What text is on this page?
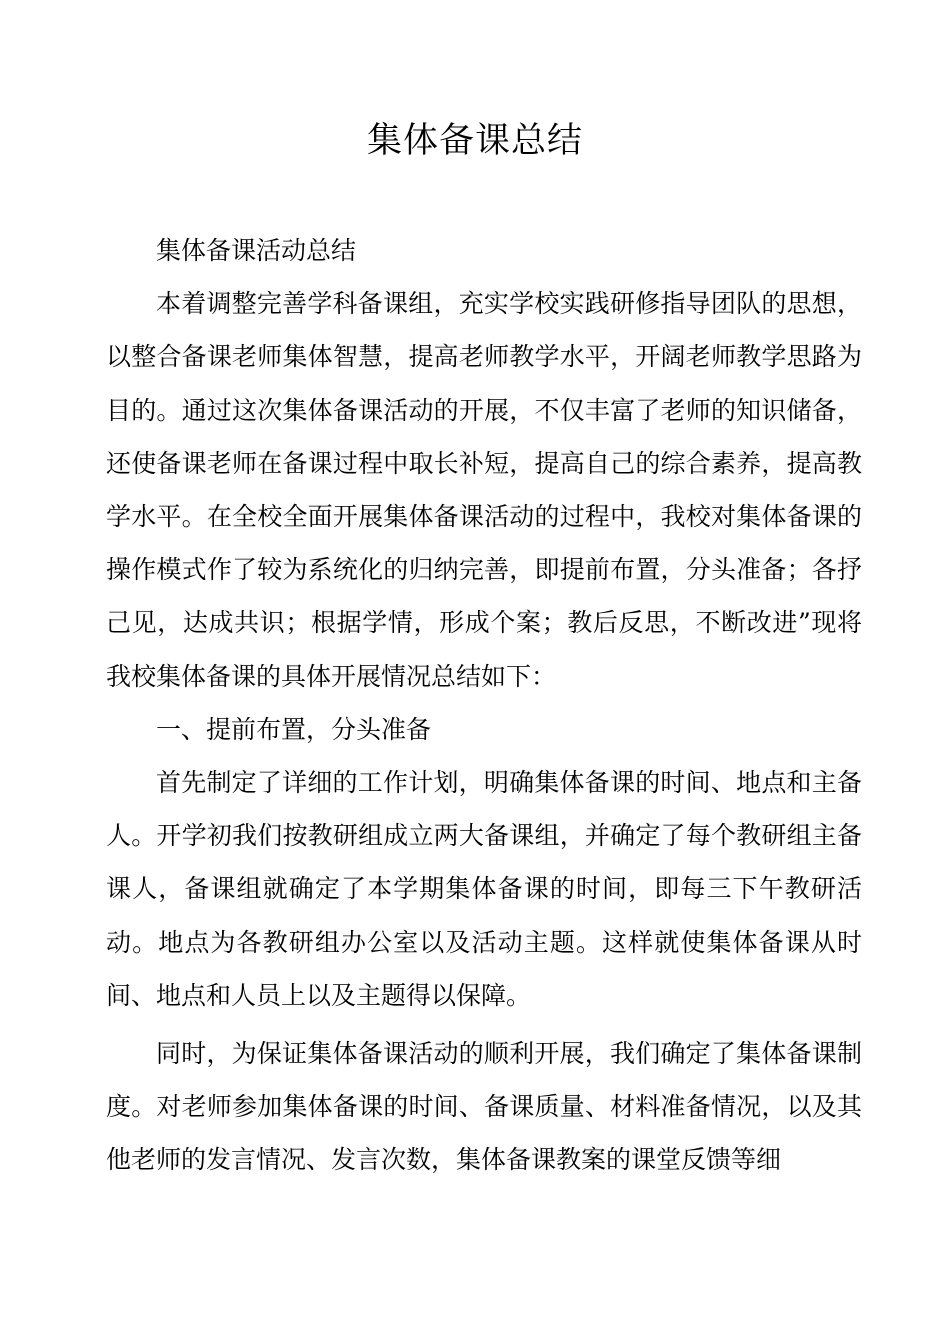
集体备课总结

集体备课活动总结

本着调整完善学科备课组，充实学校实践研修指导团队的思想，以整合备课老师集体智慧，提高老师教学水平，开阔老师教学思路为目的。通过这次集体备课活动的开展，不仅丰富了老师的知识储备，还使备课老师在备课过程中取长补短，提高自己的综合素养，提高教学水平。在全校全面开展集体备课活动的过程中，我校对集体备课的操作模式作了较为系统化的归纳完善，即提前布置，分头准备；各抒己见，达成共识；根据学情，形成个案；教后反思，不断改进”现将我校集体备课的具体开展情况总结如下：

一、提前布置，分头准备

首先制定了详细的工作计划，明确集体备课的时间、地点和主备人。开学初我们按教研组成立两大备课组，并确定了每个教研组主备课人，备课组就确定了本学期集体备课的时间，即每三下午教研活动。地点为各教研组办公室以及活动主题。这样就使集体备课从时间、地点和人员上以及主题得以保障。

同时，为保证集体备课活动的顺利开展，我们确定了集体备课制度。对老师参加集体备课的时间、备课质量、材料准备情况，以及其他老师的发言情况、发言次数，集体备课教案的课堂反馈等细
